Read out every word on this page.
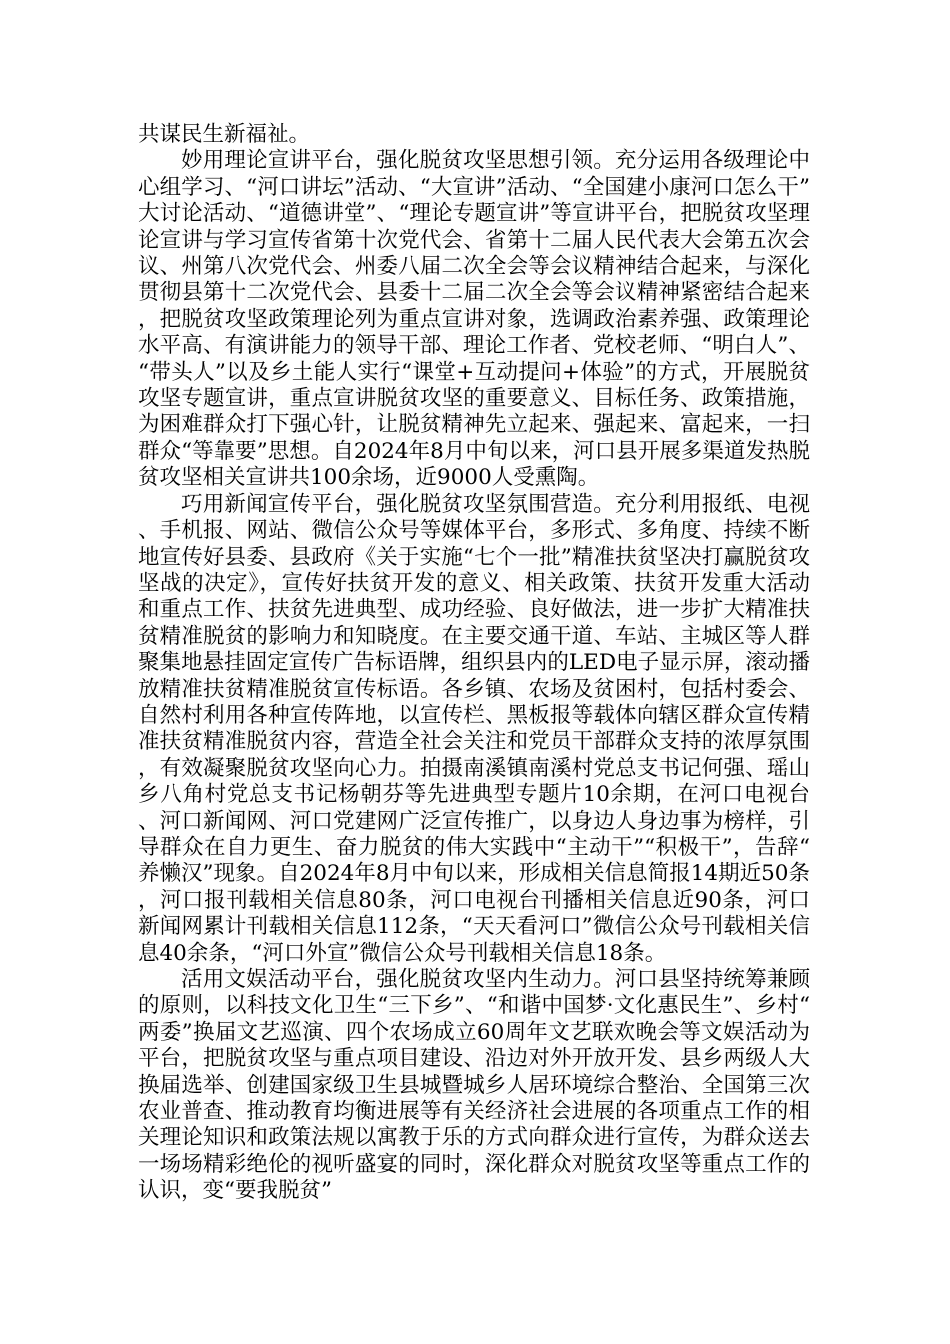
共谋民生新福祉。

妙用理论宣讲平台，强化脱贫攻坚思想引领。充分运用各级理论中心组学习、“河口讲坛”活动、“大宣讲”活动、“全国建小康河口怎么干”大讨论活动、“道德讲堂”、“理论专题宣讲”等宣讲平台，把脱贫攻坚理论宣讲与学习宣传省第十次党代会、省第十二届人民代表大会第五次会议、州第八次党代会、州委八届二次全会等会议精神结合起来，与深化贯彻县第十二次党代会、县委十二届二次全会等会议精神紧密结合起来，把脱贫攻坚政策理论列为重点宣讲对象，选调政治素养强、政策理论水平高、有演讲能力的领导干部、理论工作者、党校老师、“明白人”、“带头人”以及乡土能人实行“课堂+互动提问+体验”的方式，开展脱贫攻坚专题宣讲，重点宣讲脱贫攻坚的重要意义、目标任务、政策措施，为困难群众打下强心针，让脱贫精神先立起来、强起来、富起来，一扫群众“等靠要”思想。自2024年8月中旬以来，河口县开展多渠道发热脱贫攻坚相关宣讲共100余场，近9000人受熏陶。

巧用新闻宣传平台，强化脱贫攻坚氛围营造。充分利用报纸、电视、手机报、网站、微信公众号等媒体平台，多形式、多角度、持续不断地宣传好县委、县政府《关于实施“七个一批”精准扶贫坚决打赢脱贫攻坚战的决定》，宣传好扶贫开发的意义、相关政策、扶贫开发重大活动和重点工作、扶贫先进典型、成功经验、良好做法，进一步扩大精准扶贫精准脱贫的影响力和知晓度。在主要交通干道、车站、主城区等人群聚集地悬挂固定宣传广告标语牌，组织县内的LED电子显示屏，滚动播放精准扶贫精准脱贫宣传标语。各乡镇、农场及贫困村，包括村委会、自然村利用各种宣传阵地，以宣传栏、黑板报等载体向辖区群众宣传精准扶贫精准脱贫内容，营造全社会关注和党员干部群众支持的浓厚氛围，有效凝聚脱贫攻坚向心力。拍摄南溪镇南溪村党总支书记何强、瑶山乡八角村党总支书记杨朝芬等先进典型专题片10余期，在河口电视台、河口新闻网、河口党建网广泛宣传推广，以身边人身边事为榜样，引导群众在自力更生、奋力脱贫的伟大实践中“主动干”“积极干”，告辞“养懒汉”现象。自2024年8月中旬以来，形成相关信息简报14期近50条，河口报刊载相关信息80条，河口电视台刊播相关信息近90条，河口新闻网累计刊载相关信息112条，“天天看河口”微信公众号刊载相关信息40余条，“河口外宣”微信公众号刊载相关信息18条。

活用文娱活动平台，强化脱贫攻坚内生动力。河口县坚持统筹兼顾的原则，以科技文化卫生“三下乡”、“和谐中国梦·文化惠民生”、乡村“两委”换届文艺巡演、四个农场成立60周年文艺联欢晚会等文娱活动为平台，把脱贫攻坚与重点项目建设、沿边对外开放开发、县乡两级人大换届选举、创建国家级卫生县城暨城乡人居环境综合整治、全国第三次农业普查、推动教育均衡进展等有关经济社会进展的各项重点工作的相关理论知识和政策法规以寓教于乐的方式向群众进行宣传，为群众送去一场场精彩绝伦的视听盛宴的同时，深化群众对脱贫攻坚等重点工作的认识，变“要我脱贫”
